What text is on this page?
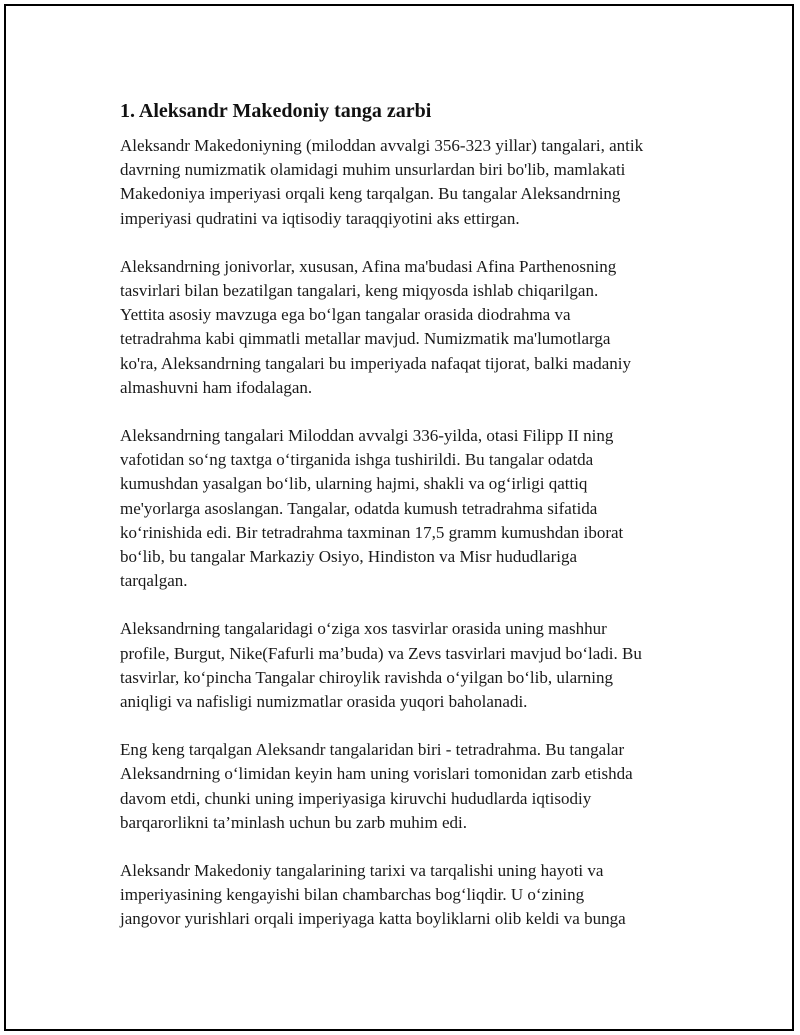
1. Aleksandr Makedoniy tanga zarbi

Aleksandr Makedoniyning (miloddan avvalgi 356-323 yillar) tangalari, antik
davrning numizmatik olamidagi muhim unsurlardan biri bo'lib, mamlakati
Makedoniya imperiyasi orqali keng tarqalgan. Bu tangalar Aleksandrning
imperiyasi qudratini va iqtisodiy taraqqiyotini aks ettirgan.

Aleksandrning jonivorlar, xususan, Afina ma'budasi Afina Parthenosning
tasvirlari bilan bezatilgan tangalari, keng miqyosda ishlab chiqarilgan.
Yettita asosiy mavzuga ega bo‘lgan tangalar orasida diodrahma va
tetradrahma kabi qimmatli metallar mavjud. Numizmatik ma'lumotlarga
ko'ra, Aleksandrning tangalari bu imperiyada nafaqat tijorat, balki madaniy
almashuvni ham ifodalagan.

Aleksandrning tangalari Miloddan avvalgi 336-yilda, otasi Filipp II ning
vafotidan so‘ng taxtga o‘tirganida ishga tushirildi. Bu tangalar odatda
kumushdan yasalgan bo‘lib, ularning hajmi, shakli va og‘irligi qattiq
me'yorlarga asoslangan. Tangalar, odatda kumush tetradrahma sifatida
ko‘rinishida edi. Bir tetradrahma taxminan 17,5 gramm kumushdan iborat
bo‘lib, bu tangalar Markaziy Osiyo, Hindiston va Misr hududlariga
tarqalgan.

Aleksandrning tangalaridagi o‘ziga xos tasvirlar orasida uning mashhur
profile, Burgut, Nike(Fafurli ma’buda) va Zevs tasvirlari mavjud bo‘ladi. Bu
tasvirlar, ko‘pincha Tangalar chiroylik ravishda o‘yilgan bo‘lib, ularning
aniqligi va nafisligi numizmatlar orasida yuqori baholanadi.

Eng keng tarqalgan Aleksandr tangalaridan biri - tetradrahma. Bu tangalar
Aleksandrning o‘limidan keyin ham uning vorislari tomonidan zarb etishda
davom etdi, chunki uning imperiyasiga kiruvchi hududlarda iqtisodiy
barqarorlikni ta’minlash uchun bu zarb muhim edi.

Aleksandr Makedoniy tangalarining tarixi va tarqalishi uning hayoti va
imperiyasining kengayishi bilan chambarchas bog‘liqdir. U o‘zining
jangovor yurishlari orqali imperiyaga katta boyliklarni olib keldi va bunga
